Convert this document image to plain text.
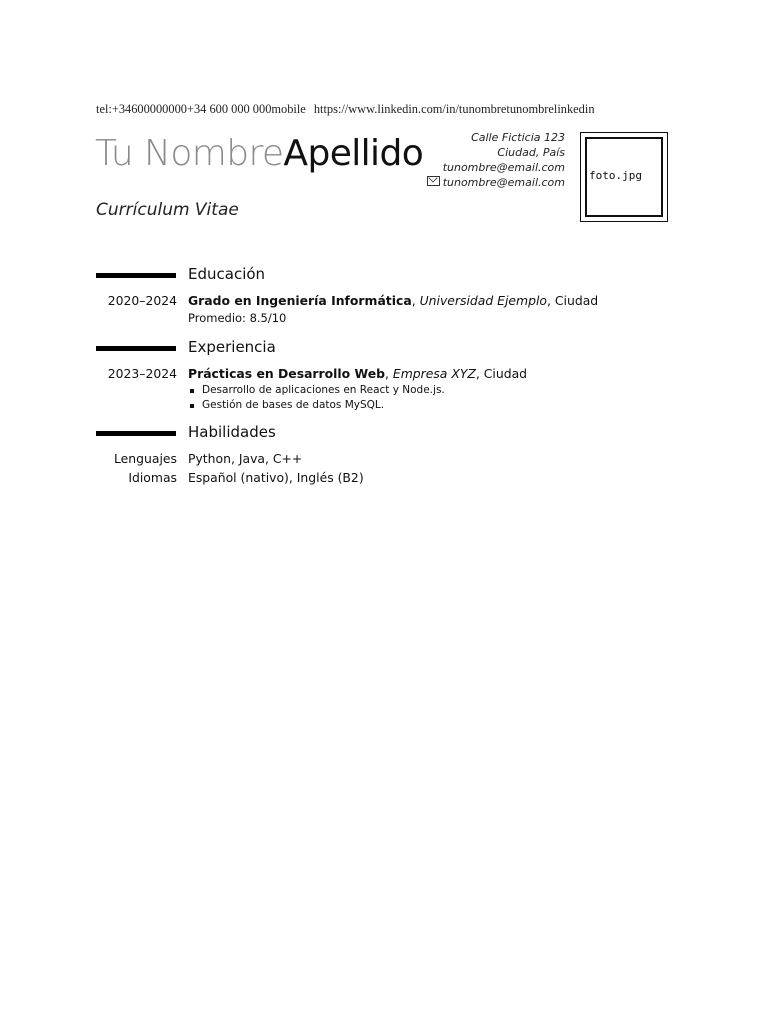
tel:+34600000000+34 600 000 000mobile https://www.linkedin.com/in/tunombretunombrelinkedin
Tu NombreApellido
Currículum Vitae
Calle Ficticia 123
Ciudad, País
tunombre@email.com
tunombre@email.com
foto.jpg
Educación
2020–2024 Grado en Ingeniería Informática, Universidad Ejemplo, Ciudad
Promedio: 8.5/10
Experiencia
2023–2024 Prácticas en Desarrollo Web, Empresa XYZ, Ciudad
Desarrollo de aplicaciones en React y Node.js.
Gestión de bases de datos MySQL.
Habilidades
Lenguajes Python, Java, C++
Idiomas Español (nativo), Inglés (B2)
